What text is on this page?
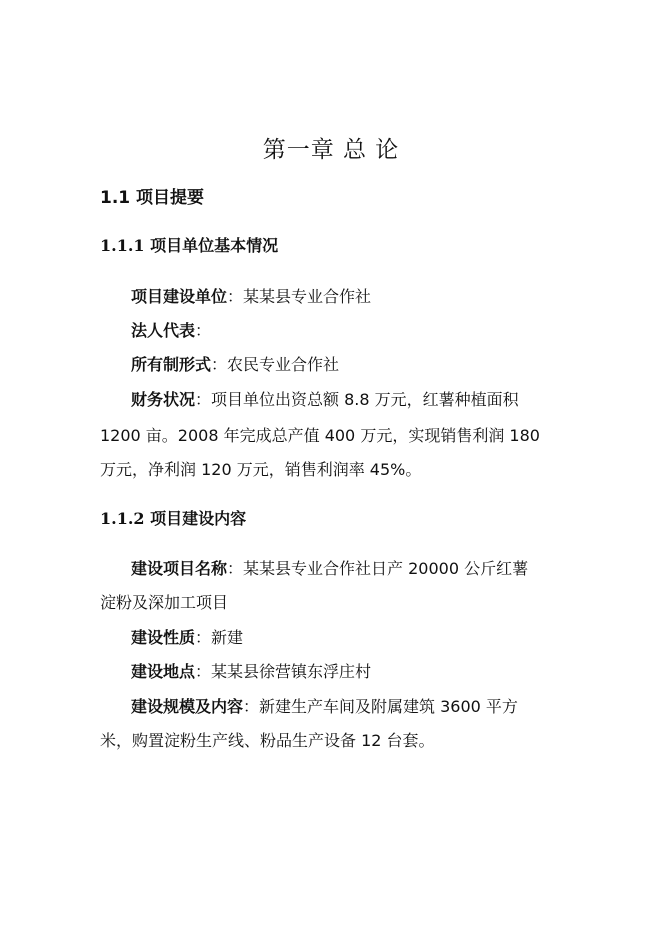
第一章 总 论
1.1 项目提要
1.1.1 项目单位基本情况
项目建设单位：某某县专业合作社
法人代表：
所有制形式：农民专业合作社
财务状况：项目单位出资总额 8.8 万元，红薯种植面积
1200 亩。2008 年完成总产值 400 万元，实现销售利润 180
万元，净利润 120 万元，销售利润率 45%。
1.1.2 项目建设内容
建设项目名称：某某县专业合作社日产 20000 公斤红薯
淀粉及深加工项目
建设性质：新建
建设地点：某某县徐营镇东浮庄村
建设规模及内容：新建生产车间及附属建筑 3600 平方
米，购置淀粉生产线、粉品生产设备 12 台套。
